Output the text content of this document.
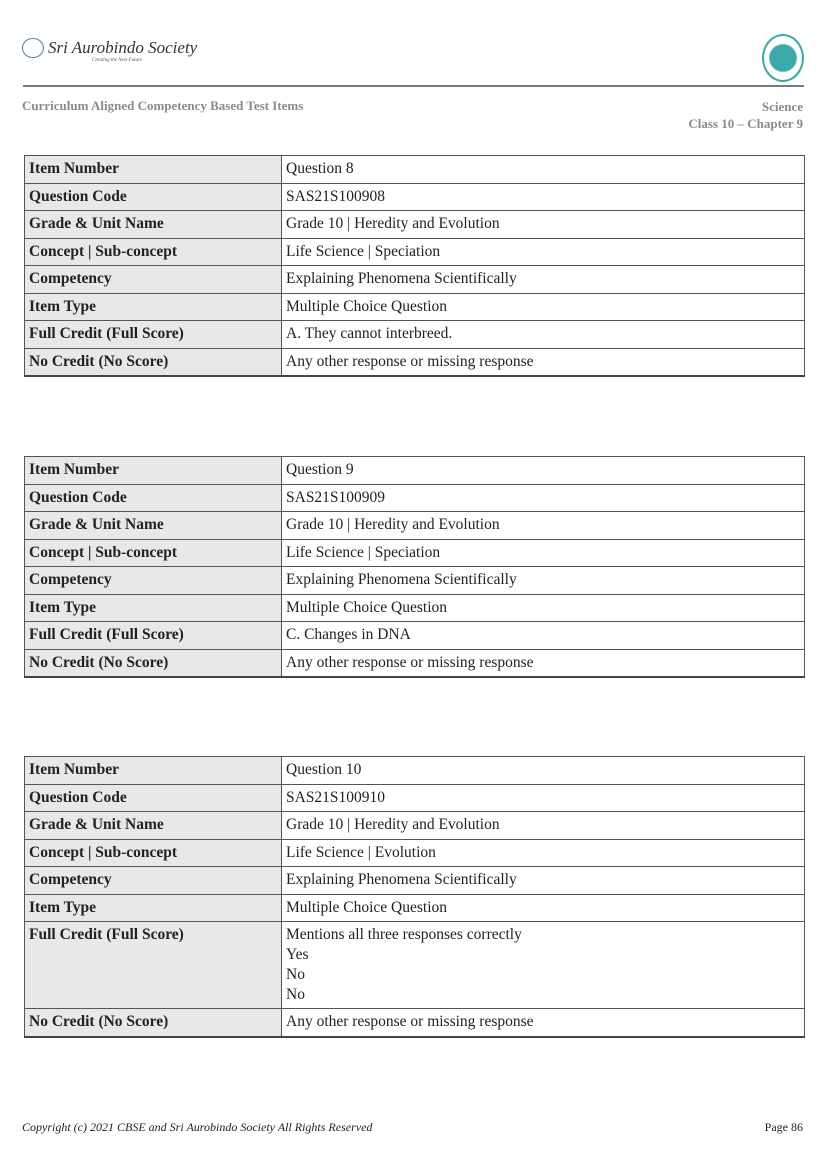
Sri Aurobindo Society
Creating the Next Future
Curriculum Aligned Competency Based Test Items	Science
Class 10 – Chapter 9
Item Number	Question 8
Question Code	SAS21S100908
Grade & Unit Name	Grade 10 | Heredity and Evolution
Concept | Sub-concept	Life Science | Speciation
Competency	Explaining Phenomena Scientifically
Item Type	Multiple Choice Question
Full Credit (Full Score)	A. They cannot interbreed.
No Credit (No Score)	Any other response or missing response
Item Number	Question 9
Question Code	SAS21S100909
Grade & Unit Name	Grade 10 | Heredity and Evolution
Concept | Sub-concept	Life Science | Speciation
Competency	Explaining Phenomena Scientifically
Item Type	Multiple Choice Question
Full Credit (Full Score)	C. Changes in DNA
No Credit (No Score)	Any other response or missing response
Item Number	Question 10
Question Code	SAS21S100910
Grade & Unit Name	Grade 10 | Heredity and Evolution
Concept | Sub-concept	Life Science | Evolution
Competency	Explaining Phenomena Scientifically
Item Type	Multiple Choice Question
Full Credit (Full Score)	Mentions all three responses correctly
Yes
No
No
No Credit (No Score)	Any other response or missing response
Copyright (c) 2021 CBSE and Sri Aurobindo Society All Rights Reserved	Page 86
